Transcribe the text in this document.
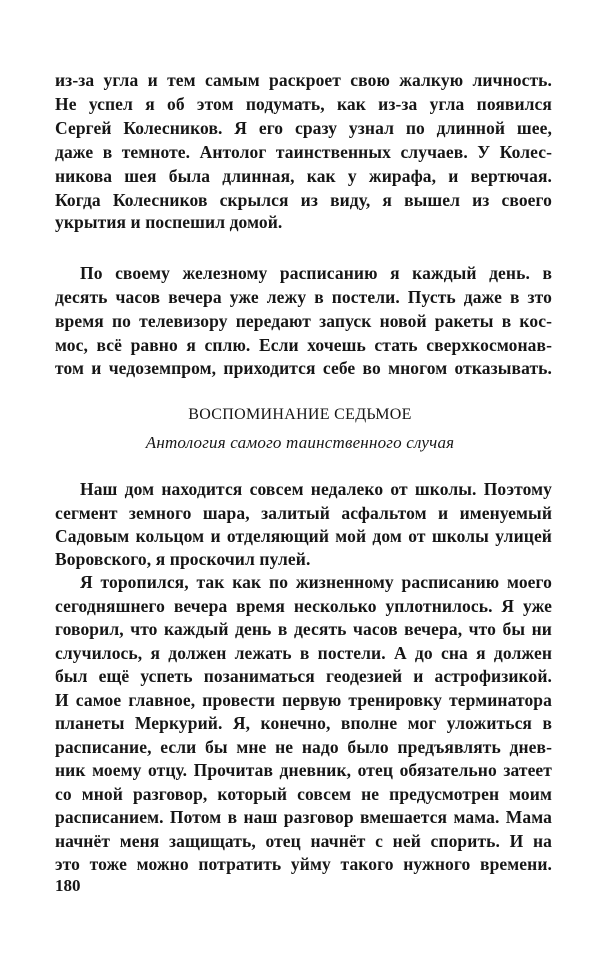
из-за угла и тем самым раскроет свою жалкую личность.
Не успел я об этом подумать, как из-за угла появился
Сергей Колесников. Я его сразу узнал по длинной шее,
даже в темноте. Антолог таинственных случаев. У Колес-
никова шея была длинная, как у жирафа, и вертючая.
Когда Колесников скрылся из виду, я вышел из своего
укрытия и поспешил домой.
По своему железному расписанию я каждый день. в
десять часов вечера уже лежу в постели. Пусть даже в зто
время по телевизору передают запуск новой ракеты в кос-
мос, всё равно я сплю. Если хочешь стать сверхкосмонав-
том и чедоземпром, приходится себе во многом отказывать.
ВОСПОМИНАНИЕ СЕДЬМОЕ
Антология самого таинственного случая
Наш дом находится совсем недалеко от школы. Поэтому
сегмент земного шара, залитый асфальтом и именуемый
Садовым кольцом и отделяющий мой дом от школы улицей
Воровского, я проскочил пулей.
Я торопился, так как по жизненному расписанию моего
сегодняшнего вечера время несколько уплотнилось. Я уже
говорил, что каждый день в десять часов вечера, что бы ни
случилось, я должен лежать в постели. А до сна я должен
был ещё успеть позаниматься геодезией и астрофизикой.
И самое главное, провести первую тренировку терминатора
планеты Меркурий. Я, конечно, вполне мог уложиться в
расписание, если бы мне не надо было предъявлять днев-
ник моему отцу. Прочитав дневник, отец обязательно затеет
со мной разговор, который совсем не предусмотрен моим
расписанием. Потом в наш разговор вмешается мама. Мама
начнёт меня защищать, отец начнёт с ней спорить. И на
это тоже можно потратить уйму такого нужного времени.
180
